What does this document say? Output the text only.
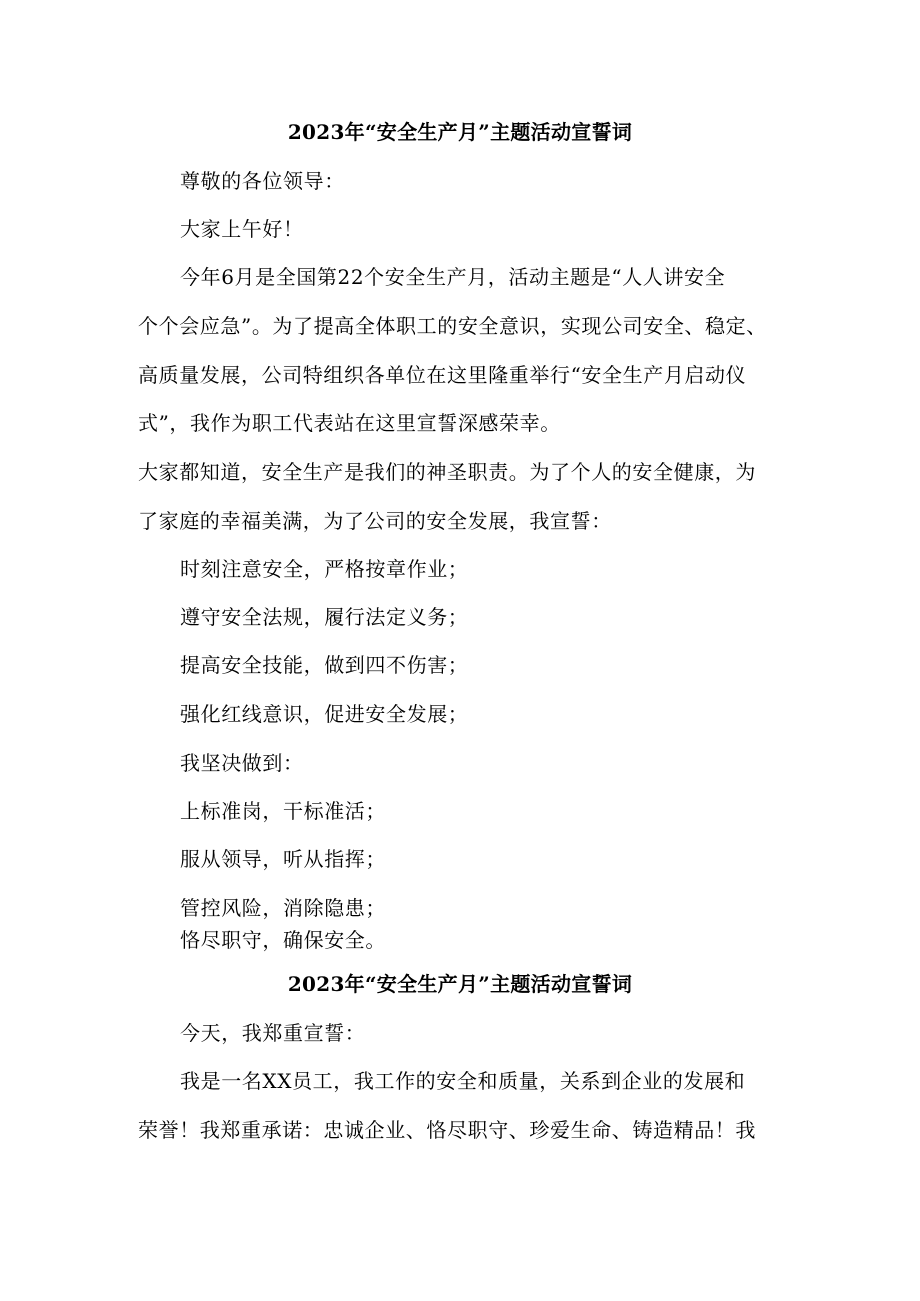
2023年“安全生产月”主题活动宣誓词
尊敬的各位领导：
大家上午好！
今年6月是全国第22个安全生产月，活动主题是“人人讲安全
个个会应急”。为了提高全体职工的安全意识，实现公司安全、稳定、
高质量发展，公司特组织各单位在这里隆重举行“安全生产月启动仪
式”，我作为职工代表站在这里宣誓深感荣幸。
大家都知道，安全生产是我们的神圣职责。为了个人的安全健康，为
了家庭的幸福美满，为了公司的安全发展，我宣誓：
时刻注意安全，严格按章作业；
遵守安全法规，履行法定义务；
提高安全技能，做到四不伤害；
强化红线意识，促进安全发展；
我坚决做到：
上标准岗，干标准活；
服从领导，听从指挥；
管控风险，消除隐患；
恪尽职守，确保安全。
2023年“安全生产月”主题活动宣誓词
今天，我郑重宣誓：
我是一名XX员工，我工作的安全和质量，关系到企业的发展和
荣誉！我郑重承诺：忠诚企业、恪尽职守、珍爱生命、铸造精品！我
